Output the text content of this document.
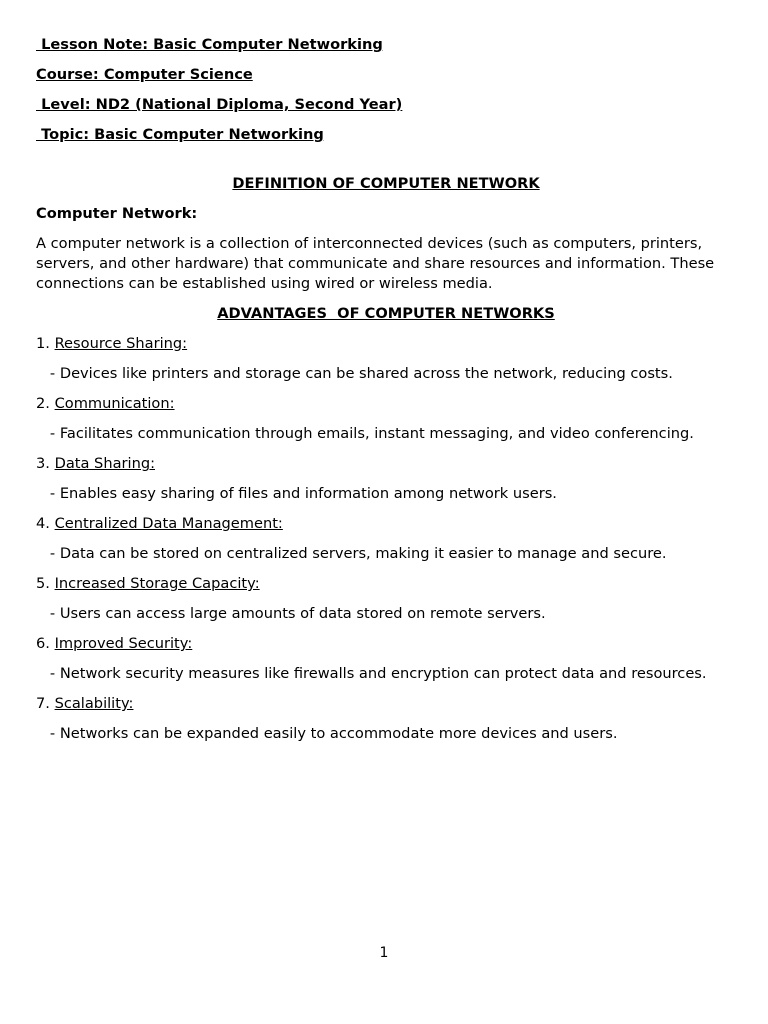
Lesson Note: Basic Computer Networking
Course: Computer Science
Level: ND2 (National Diploma, Second Year)
Topic: Basic Computer Networking
DEFINITION OF COMPUTER NETWORK
Computer Network:
A computer network is a collection of interconnected devices (such as computers, printers, servers, and other hardware) that communicate and share resources and information. These connections can be established using wired or wireless media.
ADVANTAGES  OF COMPUTER NETWORKS
1. Resource Sharing:
- Devices like printers and storage can be shared across the network, reducing costs.
2. Communication:
- Facilitates communication through emails, instant messaging, and video conferencing.
3. Data Sharing:
- Enables easy sharing of files and information among network users.
4. Centralized Data Management:
- Data can be stored on centralized servers, making it easier to manage and secure.
5. Increased Storage Capacity:
- Users can access large amounts of data stored on remote servers.
6. Improved Security:
- Network security measures like firewalls and encryption can protect data and resources.
7. Scalability:
- Networks can be expanded easily to accommodate more devices and users.
1
